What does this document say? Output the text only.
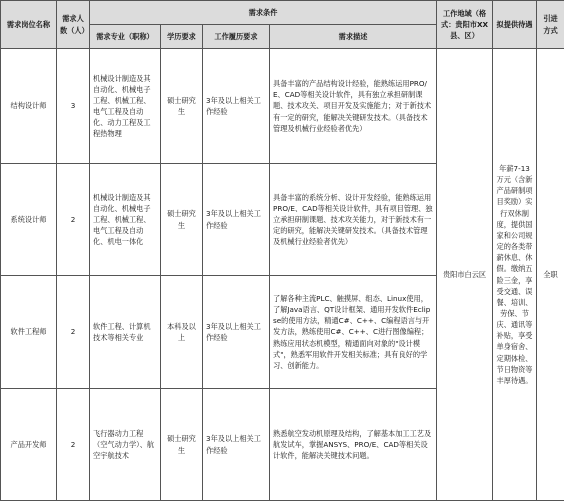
需求岗位名称	需求人数（人）	需求条件				工作地域（格式：贵阳市XX县、区）	拟提供待遇	引进方式
		需求专业（职称）	学历要求	工作履历要求	需求描述			
结构设计师	3	机械设计制造及其自动化、机械电子工程、机械工程、电气工程及自动化、动力工程及工程热物理	硕士研究生	3年及以上相关工作经验	具备丰富的产品结构设计经验，能熟练运用PRO/E、CAD等相关设计软件，具有独立承担研制课题、技术攻关、项目开发及实施能力；对于新技术有一定的研究，能解决关键研发技术。（具备技术管理及机械行业经验者优先）	贵阳市白云区	年薪7-13万元（含新产品研制项目奖励）实行双休制度，提供国家和公司规定的各类带薪休息、休假。缴纳五险三金，享受交通、误餐、培训、劳保、节庆、通讯等补贴，享受单身宿舍、定期体检、节日物资等丰厚待遇。	全职
系统设计师	2	机械设计制造及其自动化、机械电子工程、机械工程、电气工程及自动化、机电一体化	硕士研究生	3年及以上相关工作经验	具备丰富的系统分析、设计开发经验，能熟练运用PRO/E、CAD等相关设计软件，具有项目管理、独立承担研制课题、技术攻关能力，对于新技术有一定的研究，能解决关键研发技术。（具备技术管理及机械行业经验者优先）			
软件工程师	2	软件工程、计算机技术等相关专业	本科及以上	3年及以上相关工作经验	了解各种主流PLC、触摸屏、组态、Linux使用，了解Java语言、QT设计框架、通用开发软件Eclipse的使用方法，精通C#、C++、C编程语言与开发方法，熟练使用C#、C++、C进行图像编程；熟练应用状态机模型，精通面向对象的"设计模式"，熟悉军用软件开发相关标准；具有良好的学习、创新能力。			
产品开发师	2	飞行器动力工程（空气动力学）、航空宇航技术	硕士研究生	3年及以上相关工作经验	熟悉航空发动机原理及结构，了解基本加工工艺及航发试车，掌握ANSYS、PRO/E、CAD等相关设计软件，能解决关键技术问题。			
